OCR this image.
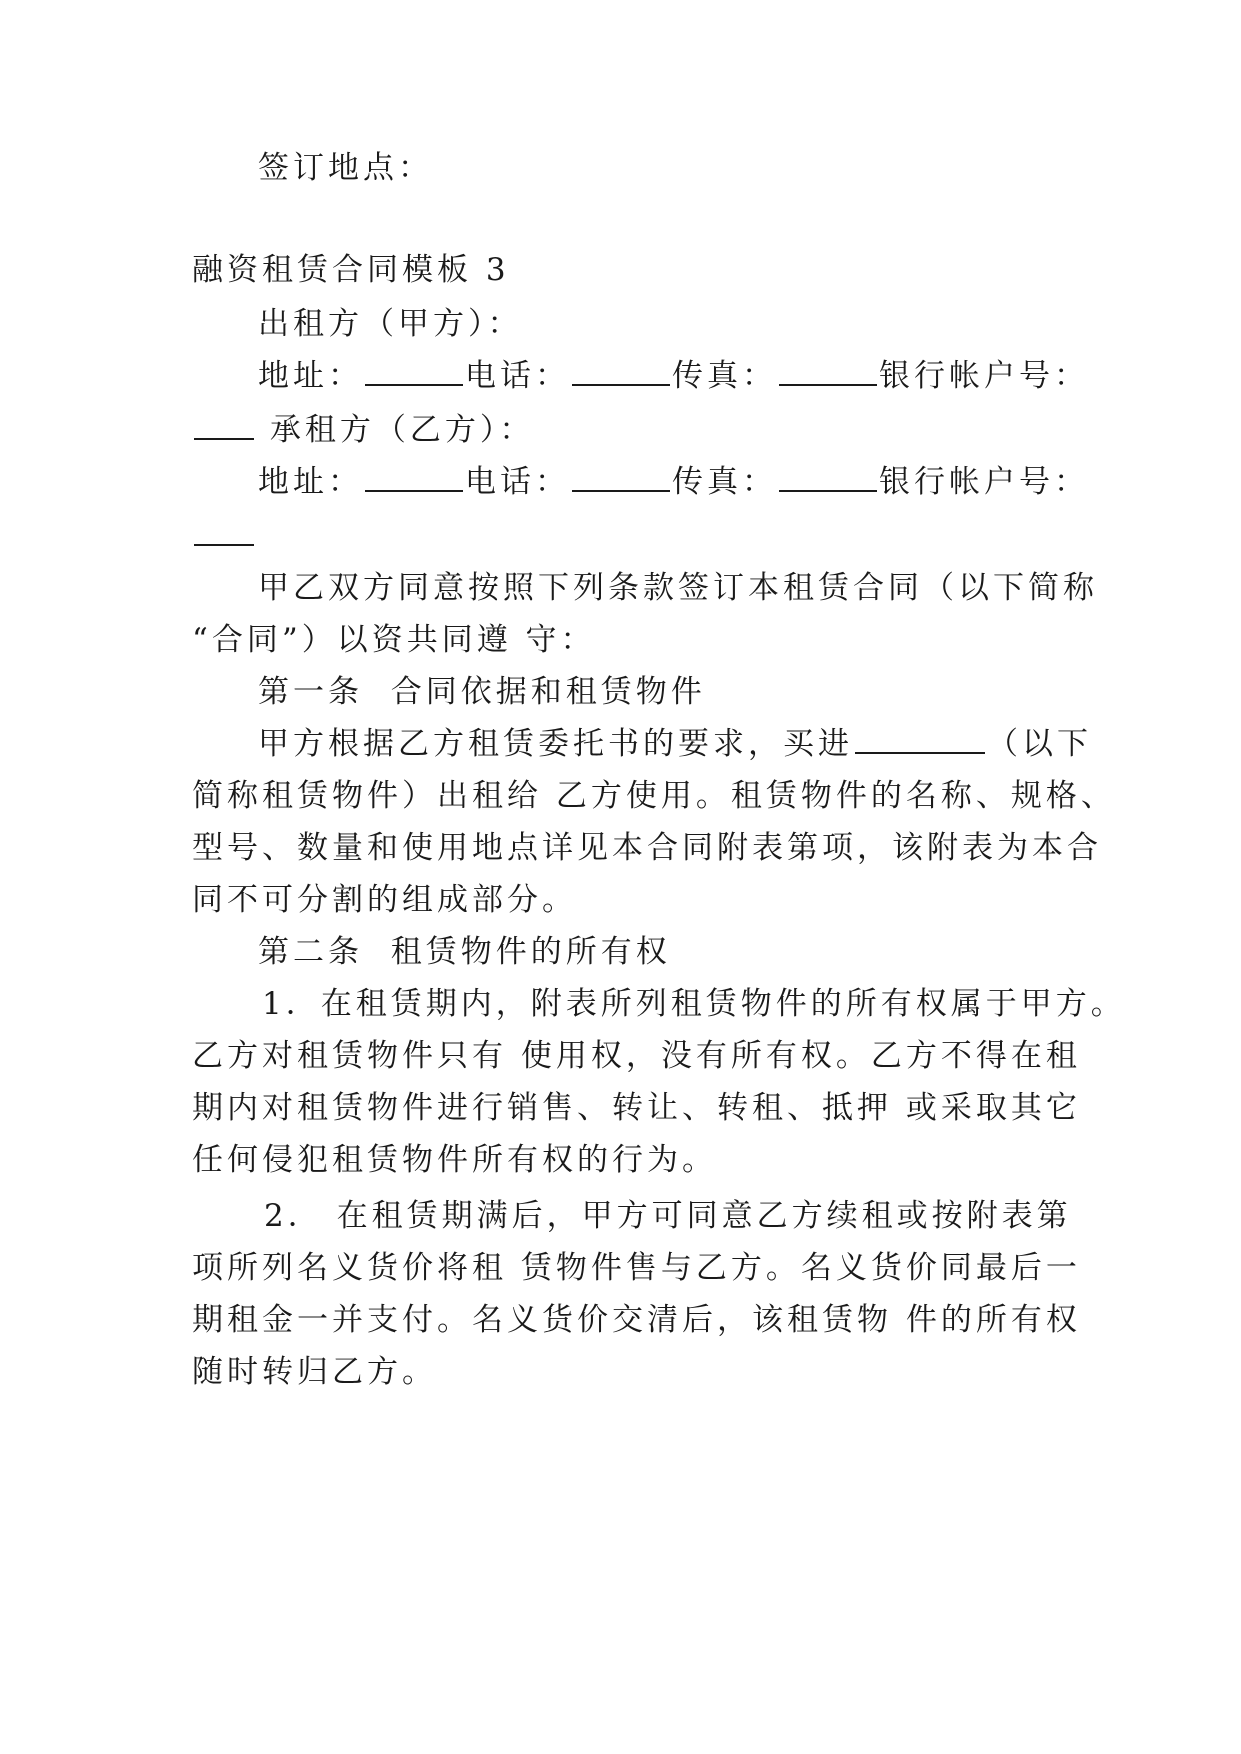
签订地点：
融资租赁合同模板 3
出租方（甲方）：
地址：	电话：	传真：	银行帐户号：
承租方（乙方）：
地址：	电话：	传真：	银行帐户号：
甲乙双方同意按照下列条款签订本租赁合同（以下简称
“合同”）以资共同遵 守：
第一条  合同依据和租赁物件
甲方根据乙方租赁委托书的要求，买进	（以下
简称租赁物件）出租给 乙方使用。租赁物件的名称、规格、
型号、数量和使用地点详见本合同附表第项，该附表为本合
同不可分割的组成部分。
第二条  租赁物件的所有权
1．在租赁期内，附表所列租赁物件的所有权属于甲方。
乙方对租赁物件只有 使用权，没有所有权。乙方不得在租
期内对租赁物件进行销售、转让、转租、抵押 或采取其它
任何侵犯租赁物件所有权的行为。
2． 在租赁期满后，甲方可同意乙方续租或按附表第
项所列名义货价将租 赁物件售与乙方。名义货价同最后一
期租金一并支付。名义货价交清后，该租赁物 件的所有权
随时转归乙方。
